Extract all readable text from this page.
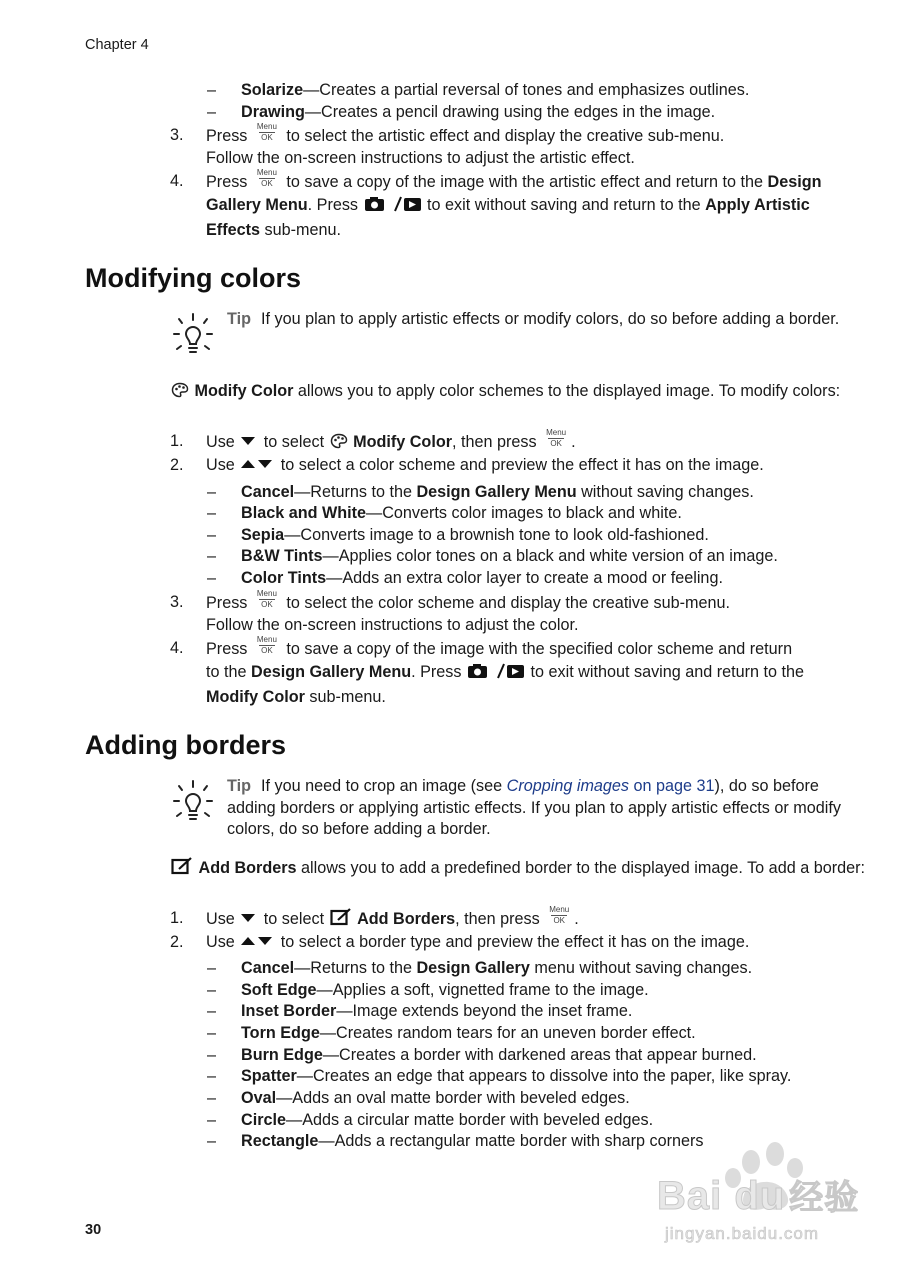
Chapter 4
– Solarize—Creates a partial reversal of tones and emphasizes outlines.
– Drawing—Creates a pencil drawing using the edges in the image.
3. Press
Menu
OK to select the artistic effect and display the creative sub-menu.
Follow the on-screen instructions to adjust the artistic effect.
4. Press
Menu
OK to save a copy of the image with the artistic effect and return to the Design
Gallery Menu. Press	to exit without saving and return to the Apply Artistic
Effects sub-menu.
Modifying colors
Tip If you plan to apply artistic effects or modify colors, do so before adding a border.
Modify Color allows you to apply color schemes to the displayed image. To modify colors:
1. Use to select Modify Color, then press
Menu
OK .
2. Use	to select a color scheme and preview the effect it has on the image.
– Cancel—Returns to the Design Gallery Menu without saving changes.
– Black and White—Converts color images to black and white.
– Sepia—Converts image to a brownish tone to look old-fashioned.
– B&W Tints—Applies color tones on a black and white version of an image.
– Color Tints—Adds an extra color layer to create a mood or feeling.
3. Press
Menu
OK to select the color scheme and display the creative sub-menu.
Follow the on-screen instructions to adjust the color.
4. Press
Menu
OK to save a copy of the image with the specified color scheme and return
to the Design Gallery Menu. Press	to exit without saving and return to the
Modify Color sub-menu.
Adding borders
Tip If you need to crop an image (see Cropping images on page 31), do so before adding borders or applying artistic effects. If you plan to apply artistic effects or modify colors, do so before adding a border.
Add Borders allows you to add a predefined border to the displayed image. To add a border:
1. Use to select Add Borders, then press
Menu
OK .
2. Use	to select a border type and preview the effect it has on the image.
– Cancel—Returns to the Design Gallery menu without saving changes.
– Soft Edge—Applies a soft, vignetted frame to the image.
– Inset Border—Image extends beyond the inset frame.
– Torn Edge—Creates random tears for an uneven border effect.
– Burn Edge—Creates a border with darkened areas that appear burned.
– Spatter—Creates an edge that appears to dissolve into the paper, like spray.
– Oval—Adds an oval matte border with beveled edges.
– Circle—Adds a circular matte border with beveled edges.
– Rectangle—Adds a rectangular matte border with sharp corners
Bai du 经验
jingyan.baidu.com
30
